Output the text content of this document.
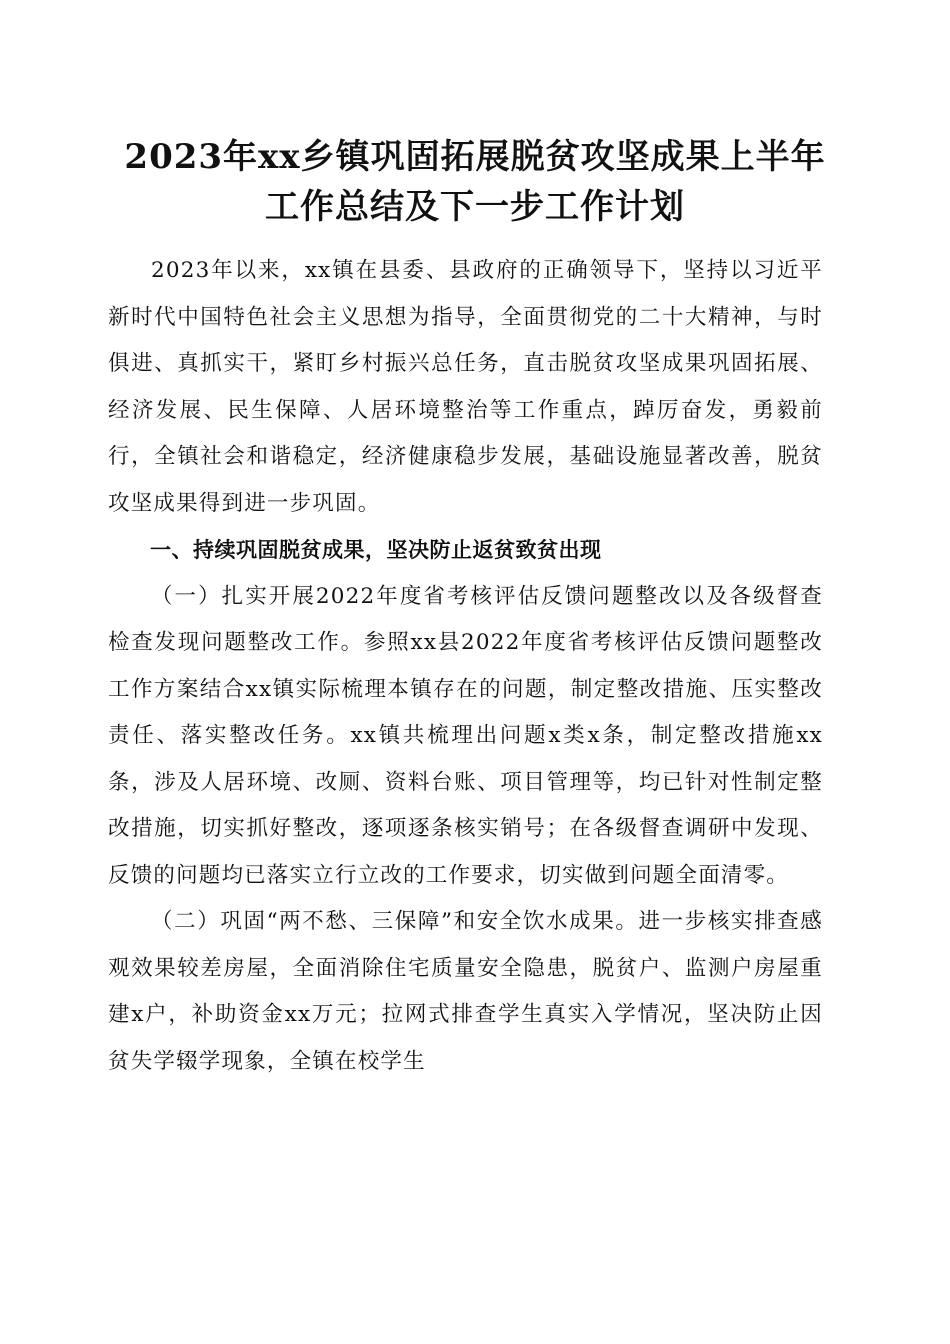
2023年xx乡镇巩固拓展脱贫攻坚成果上半年
工作总结及下一步工作计划

2023年以来，xx镇在县委、县政府的正确领导下，坚持以习近平新时代中国特色社会主义思想为指导，全面贯彻党的二十大精神，与时俱进、真抓实干，紧盯乡村振兴总任务，直击脱贫攻坚成果巩固拓展、经济发展、民生保障、人居环境整治等工作重点，踔厉奋发，勇毅前行，全镇社会和谐稳定，经济健康稳步发展，基础设施显著改善，脱贫攻坚成果得到进一步巩固。

一、持续巩固脱贫成果，坚决防止返贫致贫出现

（一）扎实开展2022年度省考核评估反馈问题整改以及各级督查检查发现问题整改工作。参照xx县2022年度省考核评估反馈问题整改工作方案结合xx镇实际梳理本镇存在的问题，制定整改措施、压实整改责任、落实整改任务。xx镇共梳理出问题x类x条，制定整改措施xx条，涉及人居环境、改厕、资料台账、项目管理等，均已针对性制定整改措施，切实抓好整改，逐项逐条核实销号；在各级督查调研中发现、反馈的问题均已落实立行立改的工作要求，切实做到问题全面清零。

（二）巩固“两不愁、三保障”和安全饮水成果。进一步核实排查感观效果较差房屋，全面消除住宅质量安全隐患，脱贫户、监测户房屋重建x户，补助资金xx万元；拉网式排查学生真实入学情况，坚决防止因贫失学辍学现象，全镇在校学生
